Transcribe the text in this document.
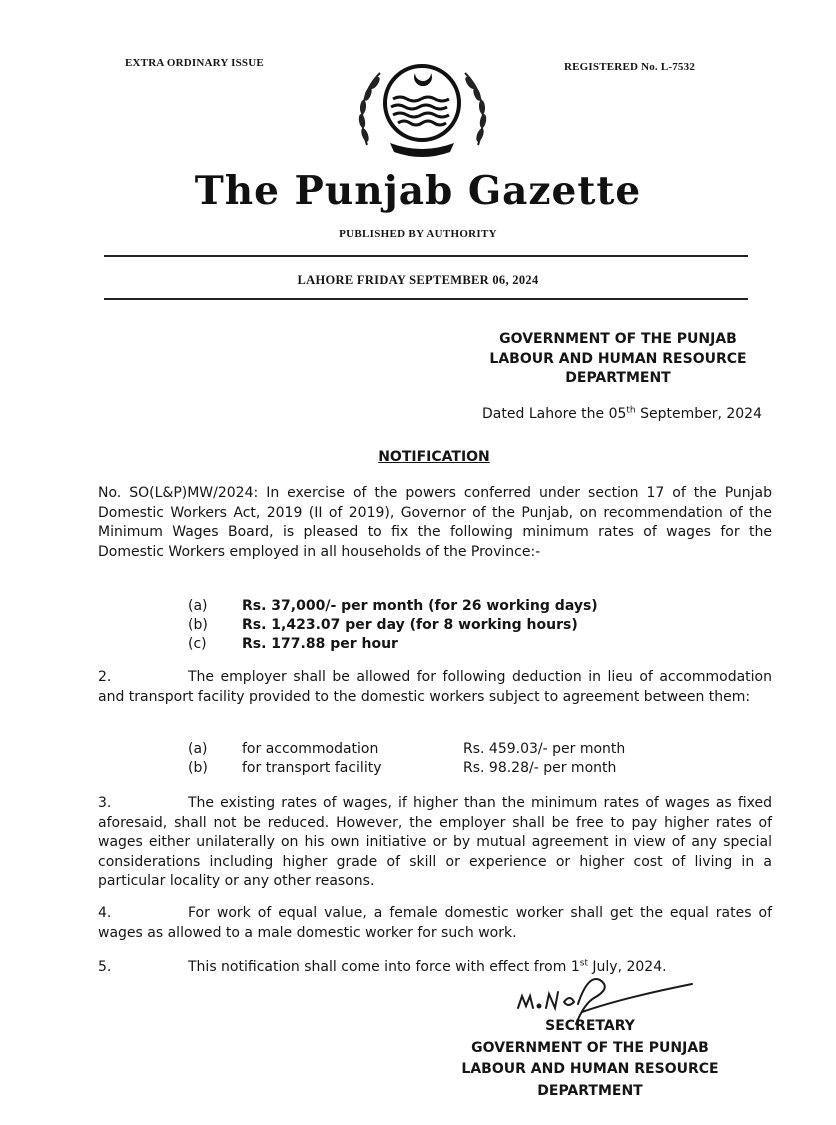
EXTRA ORDINARY ISSUE	REGISTERED No. L-7532
The Punjab Gazette
PUBLISHED BY AUTHORITY
LAHORE FRIDAY SEPTEMBER 06, 2024
GOVERNMENT OF THE PUNJAB
LABOUR AND HUMAN RESOURCE
DEPARTMENT
Dated Lahore the 05th September, 2024
NOTIFICATION
No. SO(L&P)MW/2024: In exercise of the powers conferred under section 17 of the Punjab Domestic Workers Act, 2019 (II of 2019), Governor of the Punjab, on recommendation of the Minimum Wages Board, is pleased to fix the following minimum rates of wages for the Domestic Workers employed in all households of the Province:-
(a) Rs. 37,000/- per month (for 26 working days)
(b) Rs. 1,423.07 per day (for 8 working hours)
(c)	Rs. 177.88 per hour
2.	The employer shall be allowed for following deduction in lieu of accommodation and transport facility provided to the domestic workers subject to agreement between them:
(a) for accommodation	Rs. 459.03/- per month
(b) for transport facility	Rs. 98.28/- per month
3.	The existing rates of wages, if higher than the minimum rates of wages as fixed aforesaid, shall not be reduced. However, the employer shall be free to pay higher rates of wages either unilaterally on his own initiative or by mutual agreement in view of any special considerations including higher grade of skill or experience or higher cost of living in a particular locality or any other reasons.
4.	For work of equal value, a female domestic worker shall get the equal rates of wages as allowed to a male domestic worker for such work.
5.	This notification shall come into force with effect from 1st July, 2024.
SECRETARY
GOVERNMENT OF THE PUNJAB
LABOUR AND HUMAN RESOURCE
DEPARTMENT
